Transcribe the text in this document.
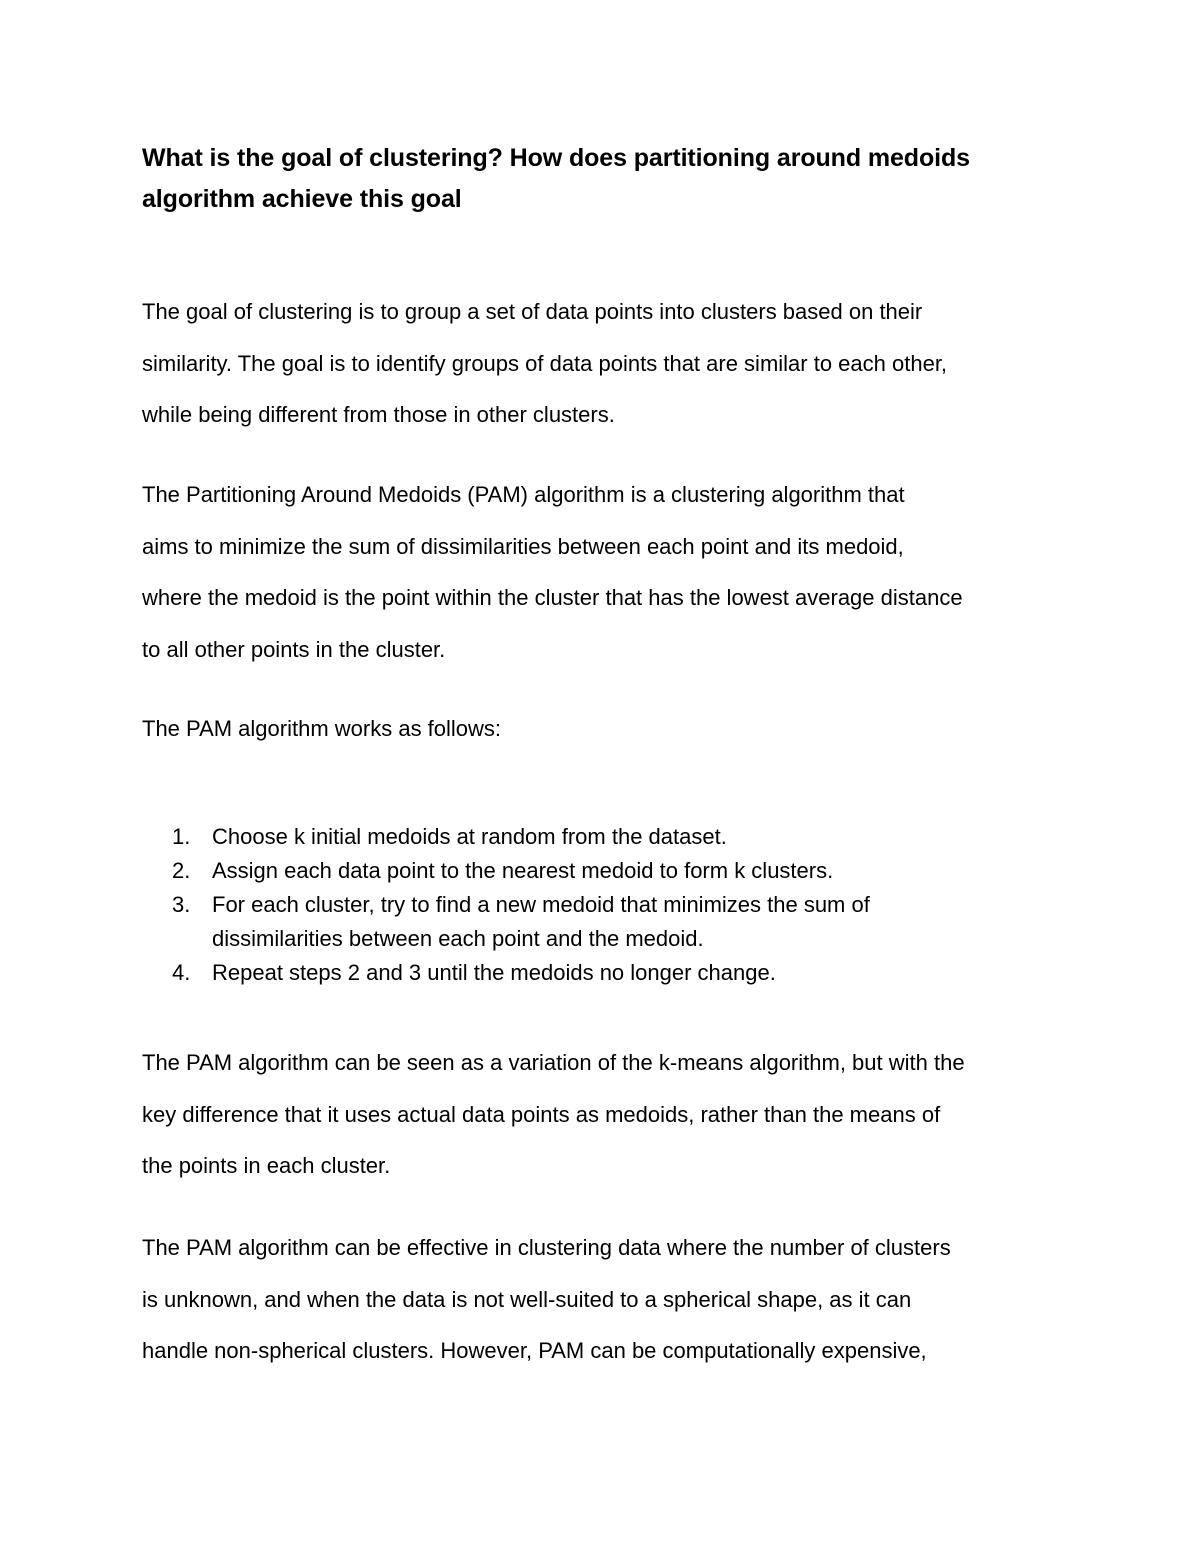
What is the goal of clustering? How does partitioning around medoids
algorithm achieve this goal

The goal of clustering is to group a set of data points into clusters based on their
similarity. The goal is to identify groups of data points that are similar to each other,
while being different from those in other clusters.

The Partitioning Around Medoids (PAM) algorithm is a clustering algorithm that
aims to minimize the sum of dissimilarities between each point and its medoid,
where the medoid is the point within the cluster that has the lowest average distance
to all other points in the cluster.

The PAM algorithm works as follows:

1. Choose k initial medoids at random from the dataset.
2. Assign each data point to the nearest medoid to form k clusters.
3. For each cluster, try to find a new medoid that minimizes the sum of
dissimilarities between each point and the medoid.
4. Repeat steps 2 and 3 until the medoids no longer change.

The PAM algorithm can be seen as a variation of the k-means algorithm, but with the
key difference that it uses actual data points as medoids, rather than the means of
the points in each cluster.

The PAM algorithm can be effective in clustering data where the number of clusters
is unknown, and when the data is not well-suited to a spherical shape, as it can
handle non-spherical clusters. However, PAM can be computationally expensive,
